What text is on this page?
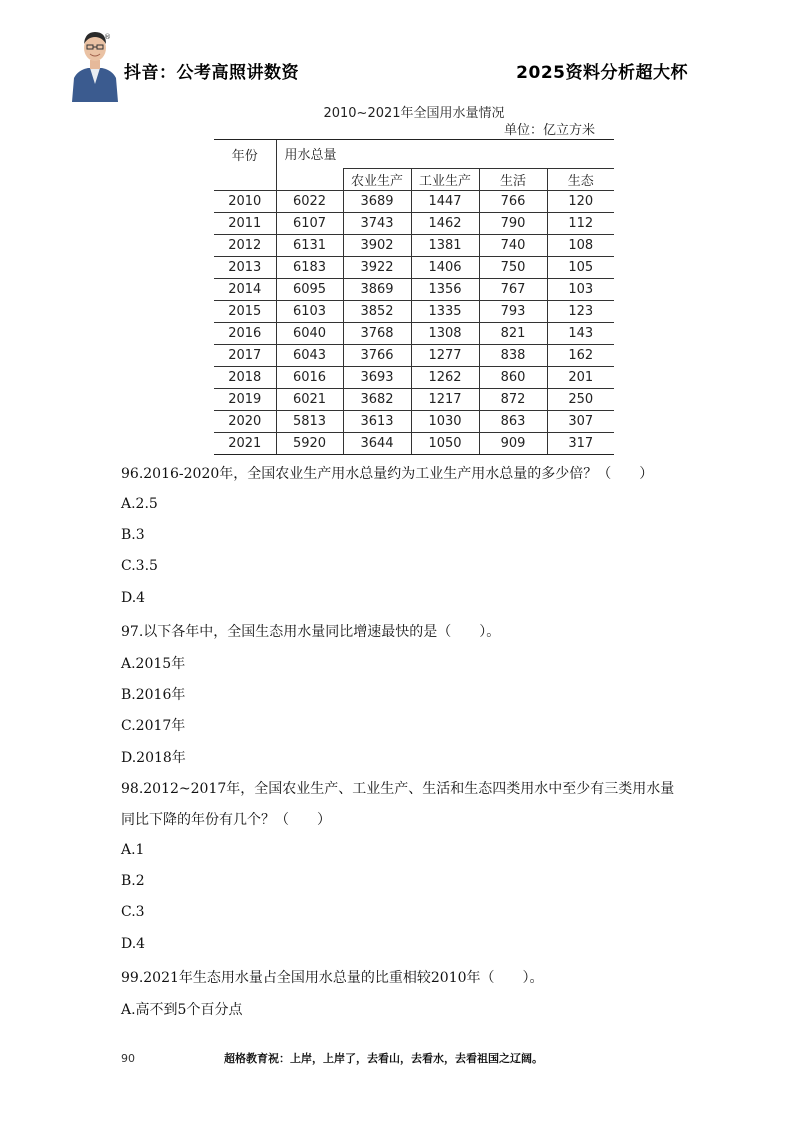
®
抖音：公考高照讲数资	2025资料分析超大杯
2010~2021年全国用水量情况
单位：亿立方米
年份	用水总量				
		农业生产	工业生产	生活	生态
2010	6022	3689	1447	766	120
2011	6107	3743	1462	790	112
2012	6131	3902	1381	740	108
2013	6183	3922	1406	750	105
2014	6095	3869	1356	767	103
2015	6103	3852	1335	793	123
2016	6040	3768	1308	821	143
2017	6043	3766	1277	838	162
2018	6016	3693	1262	860	201
2019	6021	3682	1217	872	250
2020	5813	3613	1030	863	307
2021	5920	3644	1050	909	317
96.2016-2020年，全国农业生产用水总量约为工业生产用水总量的多少倍？（　　）
A.2.5
B.3
C.3.5
D.4
97.以下各年中，全国生态用水量同比增速最快的是（　　）。
A.2015年
B.2016年
C.2017年
D.2018年
98.2012~2017年，全国农业生产、工业生产、生活和生态四类用水中至少有三类用水量
同比下降的年份有几个？（　　）
A.1
B.2
C.3
D.4
99.2021年生态用水量占全国用水总量的比重相较2010年（　　）。
A.高不到5个百分点
90	超格教育祝：上岸，上岸了，去看山，去看水，去看祖国之辽阔。
